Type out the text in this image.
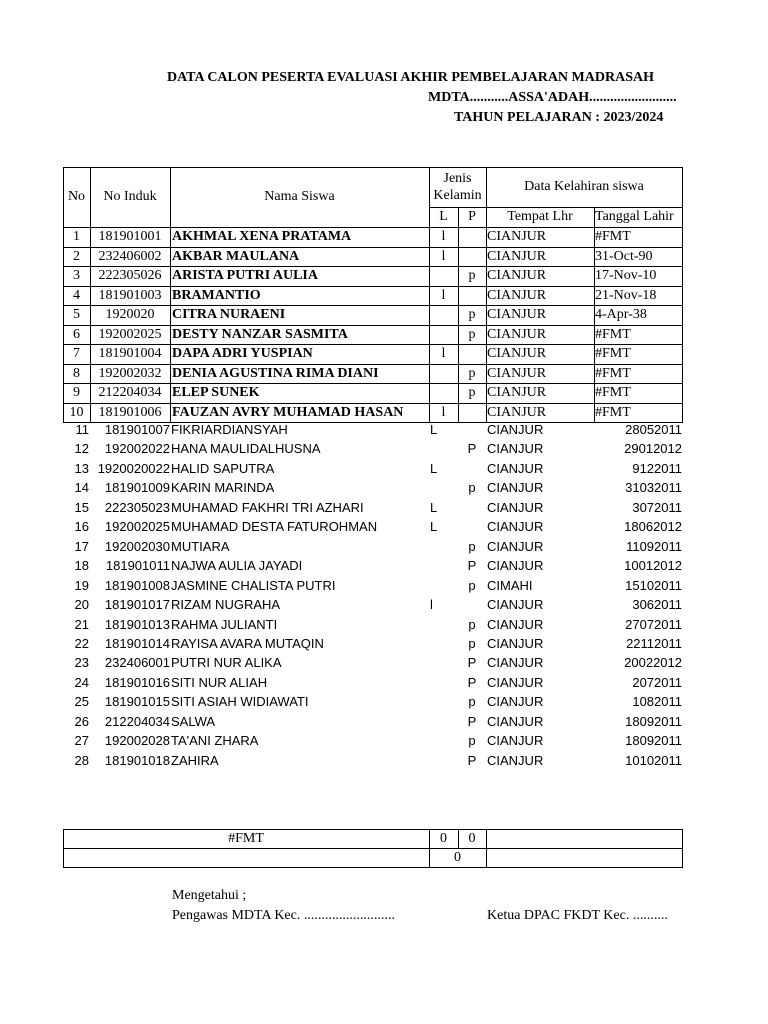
DATA CALON PESERTA EVALUASI AKHIR PEMBELAJARAN MADRASAH
MDTA...........ASSA'ADAH.........................
TAHUN PELAJARAN : 2023/2024
No	No Induk	Nama Siswa
Jenis
Kelamin
Data Kelahiran siswa
L	P	Tempat Lhr	Tanggal Lahir
1	181901001 AKHMAL XENA PRATAMA	l	CIANJUR	#FMT
2	232406002 AKBAR MAULANA	l	CIANJUR	31-Oct-90
3	222305026 ARISTA PUTRI AULIA	p CIANJUR	17-Nov-10
4	181901003 BRAMANTIO	l	CIANJUR	21-Nov-18
5	1920020	CITRA NURAENI	p CIANJUR	4-Apr-38
6	192002025 DESTY NANZAR SASMITA	p CIANJUR	#FMT
7	181901004 DAPA ADRI YUSPIAN	l	CIANJUR	#FMT
8	192002032 DENIA AGUSTINA RIMA DIANI	p CIANJUR	#FMT
9	212204034 ELEP SUNEK	p CIANJUR	#FMT
10	181901006 FAUZAN AVRY MUHAMAD HASAN	l	CIANJUR	#FMT
11	181901007 FIKRIARDIANSYAH	L	CIANJUR	28052011
12	192002022 HANA MAULIDALHUSNA	P CIANJUR	29012012
13 1920020022 HALID SAPUTRA	L	CIANJUR	9122011
14	181901009 KARIN MARINDA	p CIANJUR	31032011
15	222305023 MUHAMAD FAKHRI TRI AZHARI	L	CIANJUR	3072011
16	192002025 MUHAMAD DESTA FATUROHMAN	L	CIANJUR	18062012
17	192002030 MUTIARA	p CIANJUR	11092011
18	181901011 NAJWA AULIA JAYADI	P CIANJUR	10012012
19	181901008 JASMINE CHALISTA PUTRI	p CIMAHI	15102011
20	181901017 RIZAM NUGRAHA	l	CIANJUR	3062011
21	181901013 RAHMA JULIANTI	p CIANJUR	27072011
22	181901014 RAYISA AVARA MUTAQIN	p CIANJUR	22112011
23	232406001 PUTRI NUR ALIKA	P CIANJUR	20022012
24	181901016 SITI NUR ALIAH	P CIANJUR	2072011
25	181901015 SITI ASIAH WIDIAWATI	p CIANJUR	1082011
26	212204034 SALWA	P CIANJUR	18092011
27	192002028 TA'ANI ZHARA	p CIANJUR	18092011
28	181901018 ZAHIRA	P CIANJUR	10102011
#FMT	0	0
0
Mengetahui ;
Pengawas MDTA Kec. ..........................	Ketua DPAC FKDT Kec. ..........
